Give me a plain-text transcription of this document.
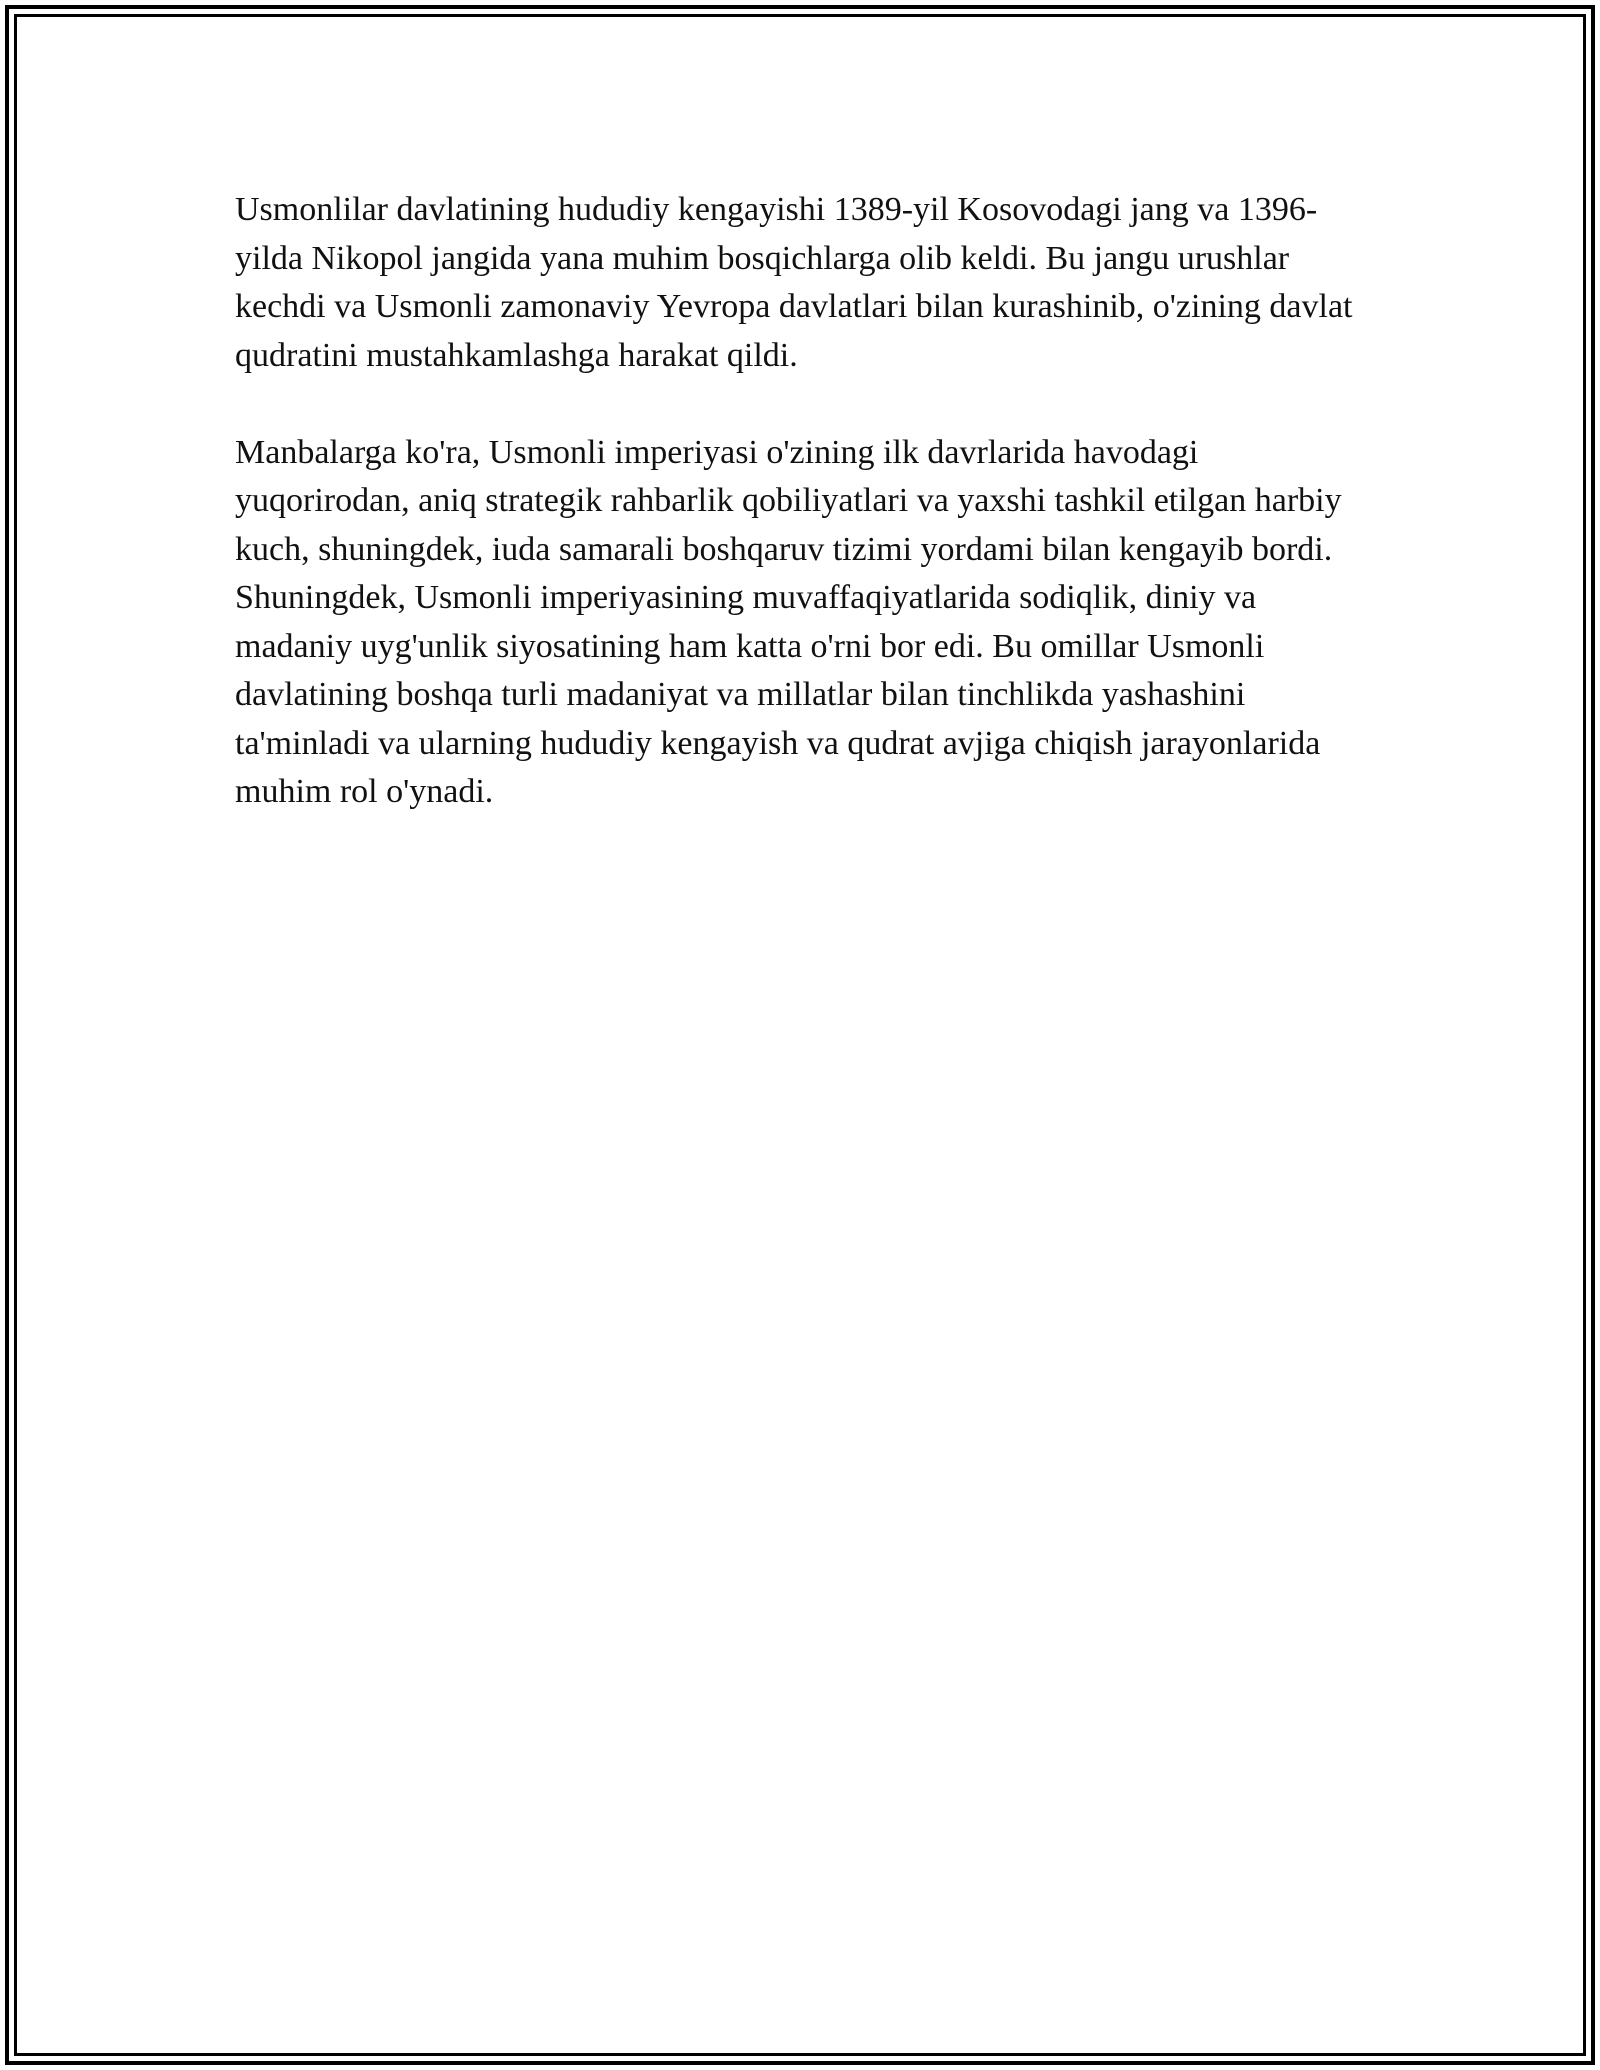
Usmonlilar davlatining hududiy kengayishi 1389-yil Kosovodagi jang va 1396-yilda Nikopol jangida yana muhim bosqichlarga olib keldi. Bu jangu urushlar kechdi va Usmonli zamonaviy Yevropa davlatlari bilan kurashinib, o'zining davlat qudratini mustahkamlashga harakat qildi.

Manbalarga ko'ra, Usmonli imperiyasi o'zining ilk davrlarida havodagi yuqorirodan, aniq strategik rahbarlik qobiliyatlari va yaxshi tashkil etilgan harbiy kuch, shuningdek, iuda samarali boshqaruv tizimi yordami bilan kengayib bordi. Shuningdek, Usmonli imperiyasining muvaffaqiyatlarida sodiqlik, diniy va madaniy uyg'unlik siyosatining ham katta o'rni bor edi. Bu omillar Usmonli davlatining boshqa turli madaniyat va millatlar bilan tinchlikda yashashini ta'minladi va ularning hududiy kengayish va qudrat avjiga chiqish jarayonlarida muhim rol o'ynadi.
